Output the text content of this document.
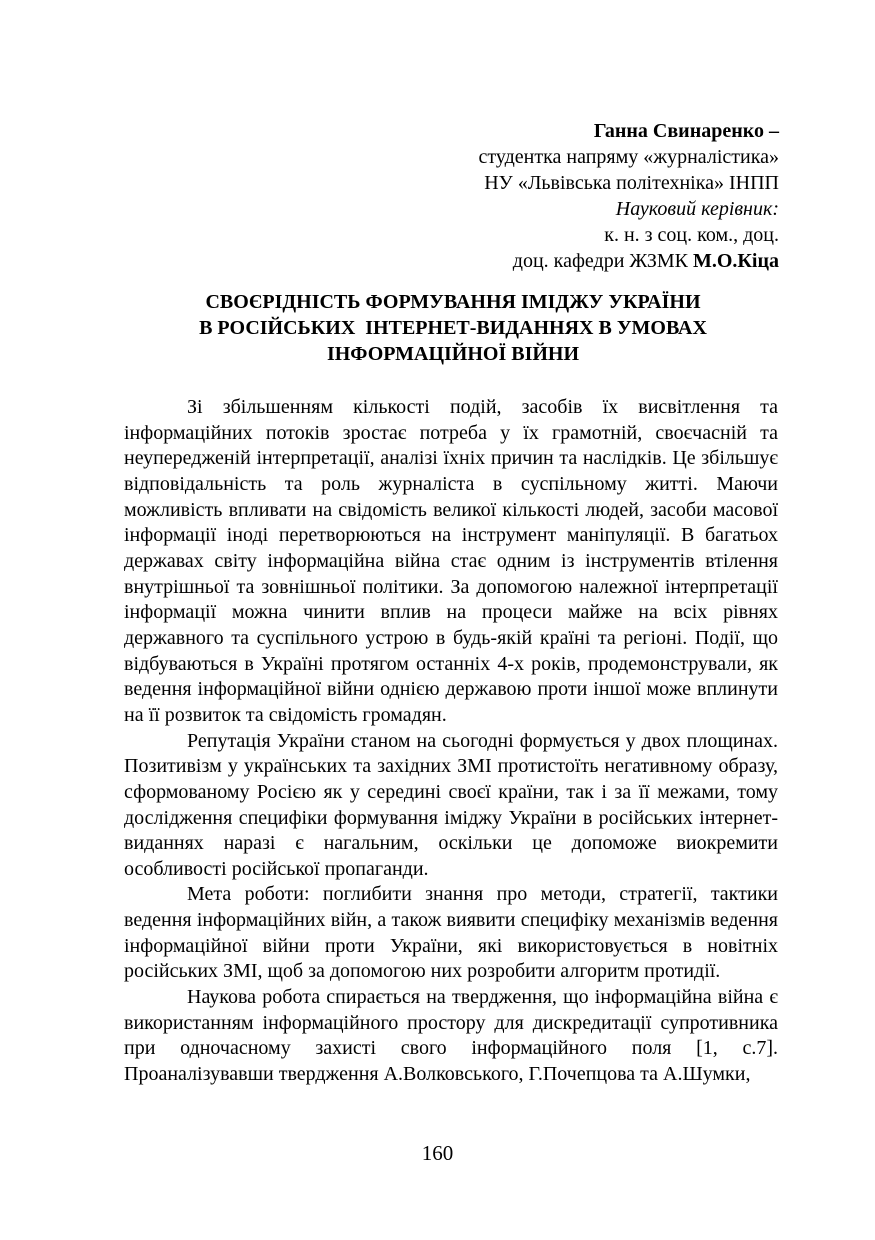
Ганна Свинаренко –
студентка напряму «журналістика»
НУ «Львівська політехніка» ІНПП
Науковий керівник:
к. н. з соц. ком., доц.
доц. кафедри ЖЗМК М.О.Кіца
СВОЄРІДНІСТЬ ФОРМУВАННЯ ІМІДЖУ УКРАЇНИ
В РОСІЙСЬКИХ  ІНТЕРНЕТ-ВИДАННЯХ В УМОВАХ
ІНФОРМАЦІЙНОЇ ВІЙНИ

Зі збільшенням кількості подій, засобів їх висвітлення та інформаційних потоків зростає потреба у їх грамотній, своєчасній та неупередженій інтерпретації, аналізі їхніх причин та наслідків. Це збільшує відповідальність та роль журналіста в суспільному житті. Маючи можливість впливати на свідомість великої кількості людей, засоби масової інформації іноді перетворюються на інструмент маніпуляції. В багатьох державах світу інформаційна війна стає одним із інструментів втілення внутрішньої та зовнішньої політики. За допомогою належної інтерпретації інформації можна чинити вплив на процеси майже на всіх рівнях державного та суспільного устрою в будь-якій країні та регіоні. Події, що відбуваються в Україні протягом останніх 4-х років, продемонстрували, як ведення інформаційної війни однією державою проти іншої може вплинути на її розвиток та свідомість громадян.

Репутація України станом на сьогодні формується у двох площинах. Позитивізм у українських та західних ЗМІ протистоїть негативному образу, сформованому Росією як у середині своєї країни, так і за її межами, тому дослідження специфіки формування іміджу України в російських інтернет-виданнях наразі є нагальним, оскільки це допоможе виокремити особливості російської пропаганди.

Мета роботи: поглибити знання про методи, стратегії, тактики ведення інформаційних війн, а також виявити специфіку механізмів ведення інформаційної війни проти України, які використовується в новітніх російських ЗМІ, щоб за допомогою них розробити алгоритм протидії.

Наукова робота спирається на твердження, що інформаційна війна є використанням інформаційного простору для дискредитації супротивника при одночасному захисті свого інформаційного поля [1, с.7]. Проаналізувавши твердження А.Волковського, Г.Почепцова та А.Шумки,

160
